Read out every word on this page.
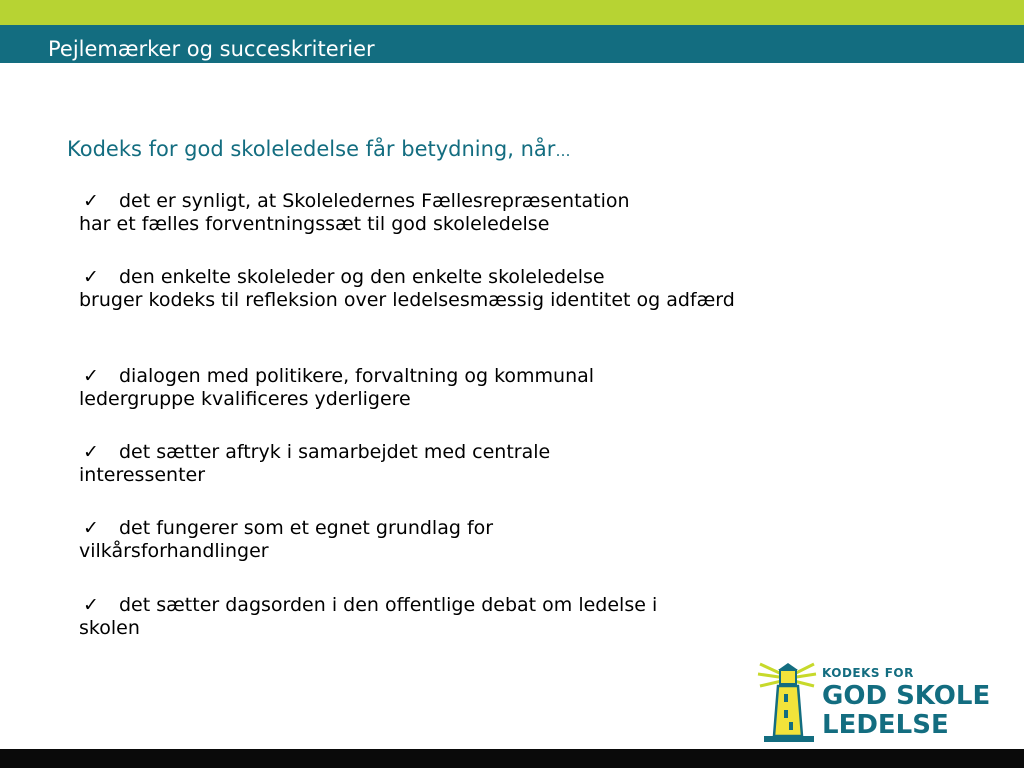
Pejlemærker og succeskriterier
Kodeks for god skoleledelse får betydning, når…
✓ det er synligt, at Skoleledernes Fællesrepræsentation
har et fælles forventningssæt til god skoleledelse
✓ den enkelte skoleleder og den enkelte skoleledelse
bruger kodeks til refleksion over ledelsesmæssig identitet og adfærd
✓ dialogen med politikere, forvaltning og kommunal
ledergruppe kvalificeres yderligere
✓ det sætter aftryk i samarbejdet med centrale
interessenter
✓ det fungerer som et egnet grundlag for
vilkårsforhandlinger
✓ det sætter dagsorden i den offentlige debat om ledelse i
skolen
KODEKS FOR
GOD SKOLE
LEDELSE
